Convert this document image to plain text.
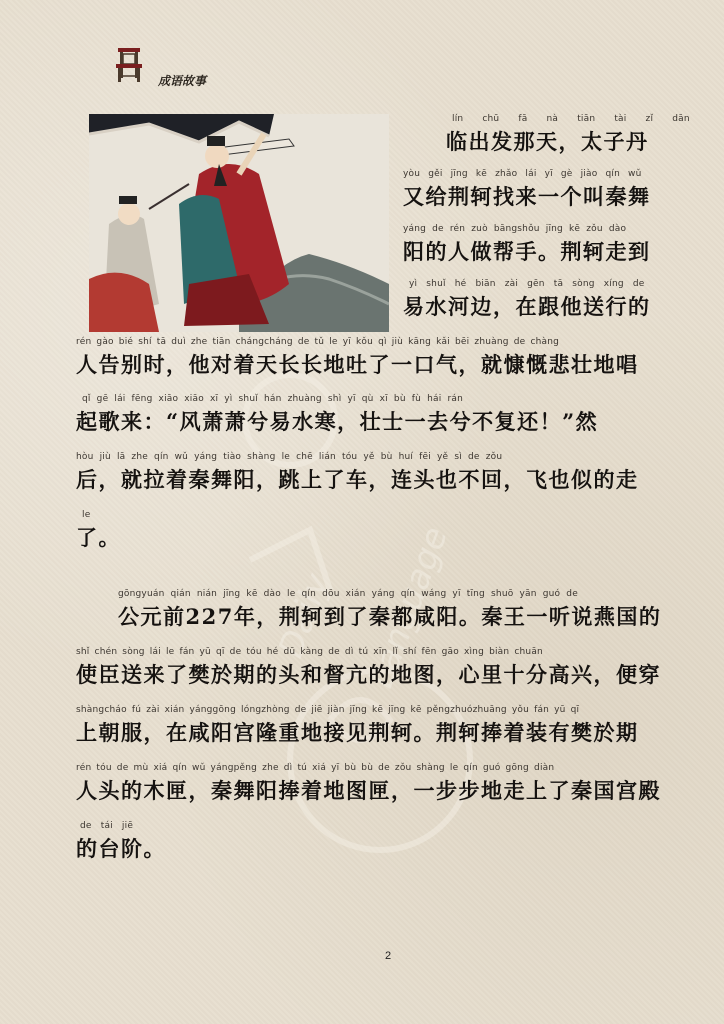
成语故事
Daily Language
lín chū fā nà tiān tài zǐ dān
临出发那天，太子丹
yòu gěi jīng kē zhǎo lái yī gè jiào qín wǔ
又给荆轲找来一个叫秦舞
yáng de rén zuò bāngshǒu jīng kē zǒu dào
阳的人做帮手。荆轲走到
yì shuǐ hé biān zài gēn tā sòng xíng de
易水河边，在跟他送行的
rén gào bié shí tā duì zhe tiān chángcháng de tǔ le yī kǒu qì jiù kāng kǎi bēi zhuàng de chàng
人告别时，他对着天长长地吐了一口气，就慷慨悲壮地唱
qǐ gē lái fēng xiāo xiāo xī yì shuǐ hán zhuàng shì yī qù xī bù fù hái rán
起歌来：“风萧萧兮易水寒，壮士一去兮不复还！”然
hòu jiù lā zhe qín wǔ yáng tiào shàng le chē lián tóu yě bù huí fēi yě sì de zǒu
后，就拉着秦舞阳，跳上了车，连头也不回，飞也似的走
le
了。
gōngyuán qián nián jīng kē dào le qín dōu xián yáng qín wáng yī tīng shuō yān guó de
公元前227年，荆轲到了秦都咸阳。秦王一听说燕国的
shǐ chén sòng lái le fán yū qī de tóu hé dū kàng de dì tú xīn lǐ shí fēn gāo xìng biàn chuān
使臣送来了樊於期的头和督亢的地图，心里十分高兴，便穿
shàngcháo fú zài xián yánggōng lóngzhòng de jiē jiàn jīng kē jīng kē pěngzhuózhuāng yǒu fán yū qī
上朝服，在咸阳宫隆重地接见荆轲。荆轲捧着装有樊於期
rén tóu de mù xiá qín wǔ yángpěng zhe dì tú xiá yī bù bù de zǒu shàng le qín guó gōng diàn
人头的木匣，秦舞阳捧着地图匣，一步步地走上了秦国宫殿
de tái jiē
的台阶。
2
